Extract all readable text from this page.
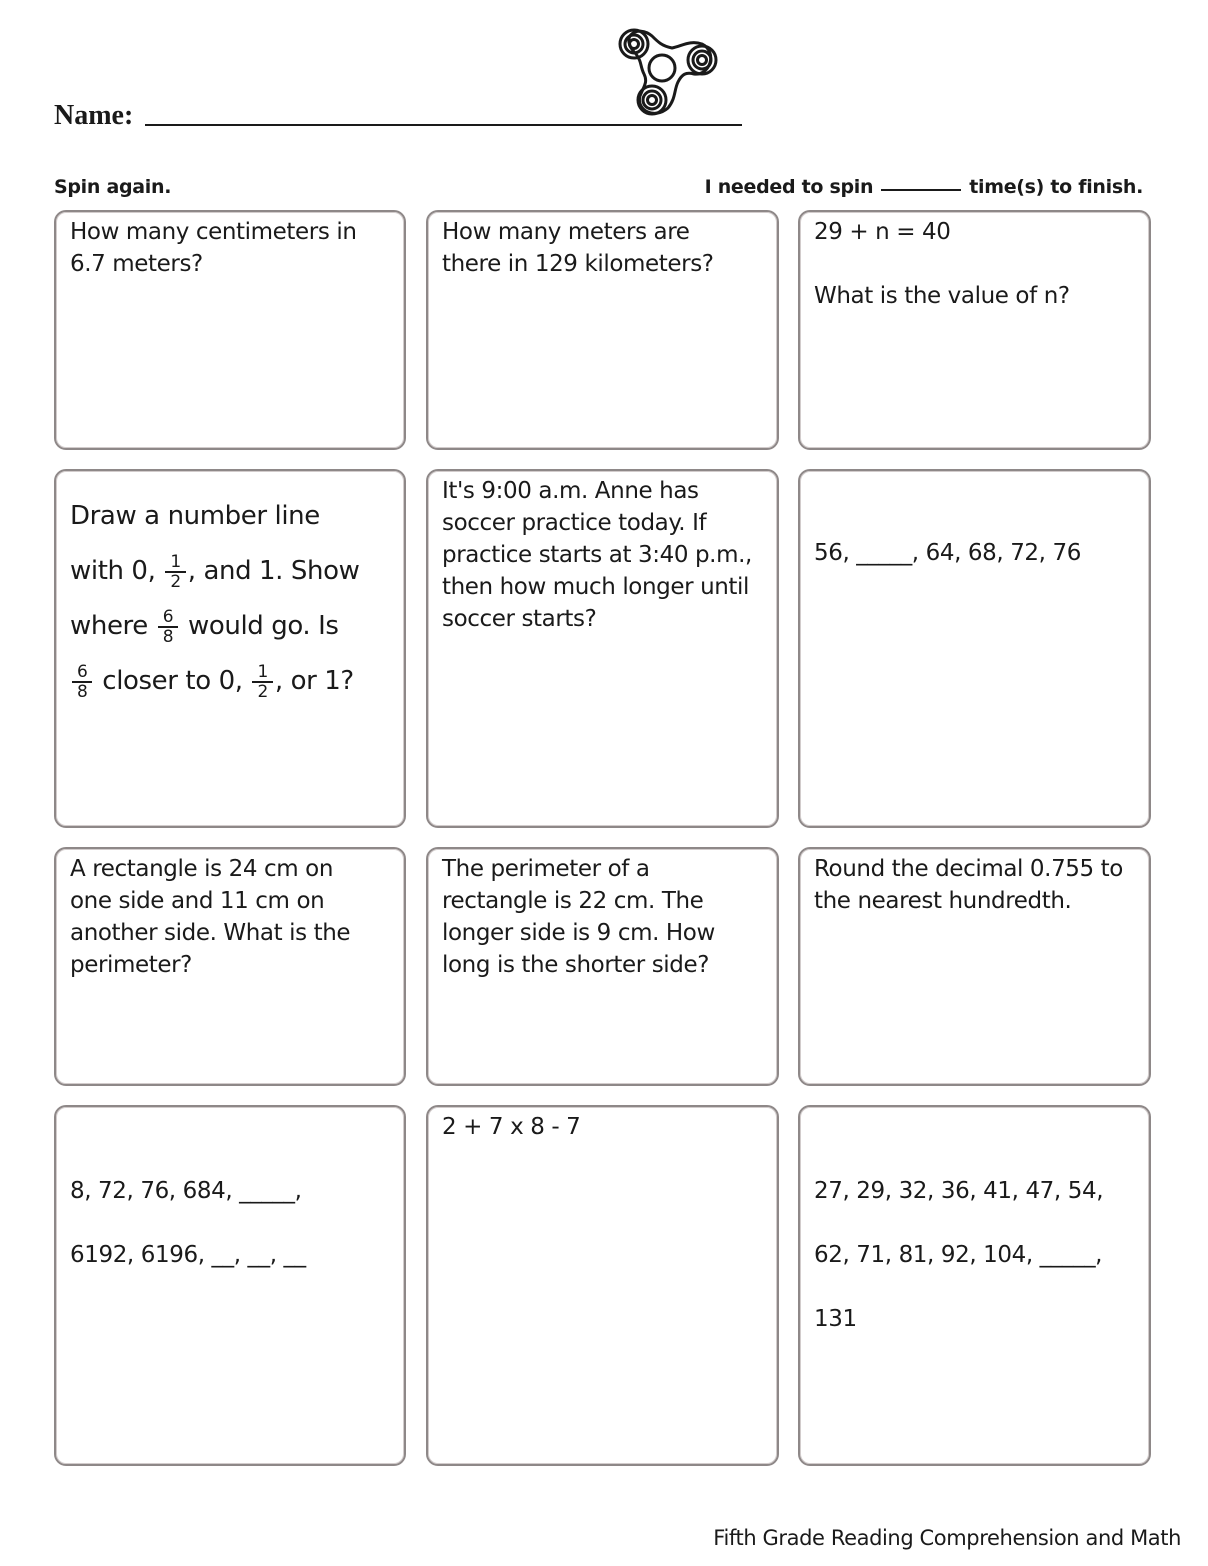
Name:
Spin again.	I needed to spin	time(s) to finish.
How many centimeters in
6.7 meters?
How many meters are
there in 129 kilometers?
29 + n = 40
What is the value of n?
Draw a number line
with 0, $\frac{1}{2}$ , and 1. Show
where $\frac{6}{8}$ would go. Is
$\frac{6}{8}$ closer to 0, $\frac{1}{2}$ , or 1?
It's 9:00 a.m. Anne has
soccer practice today. If
practice starts at 3:40 p.m.,
then how much longer until
soccer starts?
56, _____, 64, 68, 72, 76
A rectangle is 24 cm on
one side and 11 cm on
another side. What is the
perimeter?
The perimeter of a
rectangle is 22 cm. The
longer side is 9 cm. How
long is the shorter side?
Round the decimal 0.755 to
the nearest hundredth.
8, 72, 76, 684, _____,
6192, 6196, __, __, __
2 + 7 x 8 - 7
27, 29, 32, 36, 41, 47, 54,
62, 71, 81, 92, 104, _____,
131
Fifth Grade Reading Comprehension and Math
